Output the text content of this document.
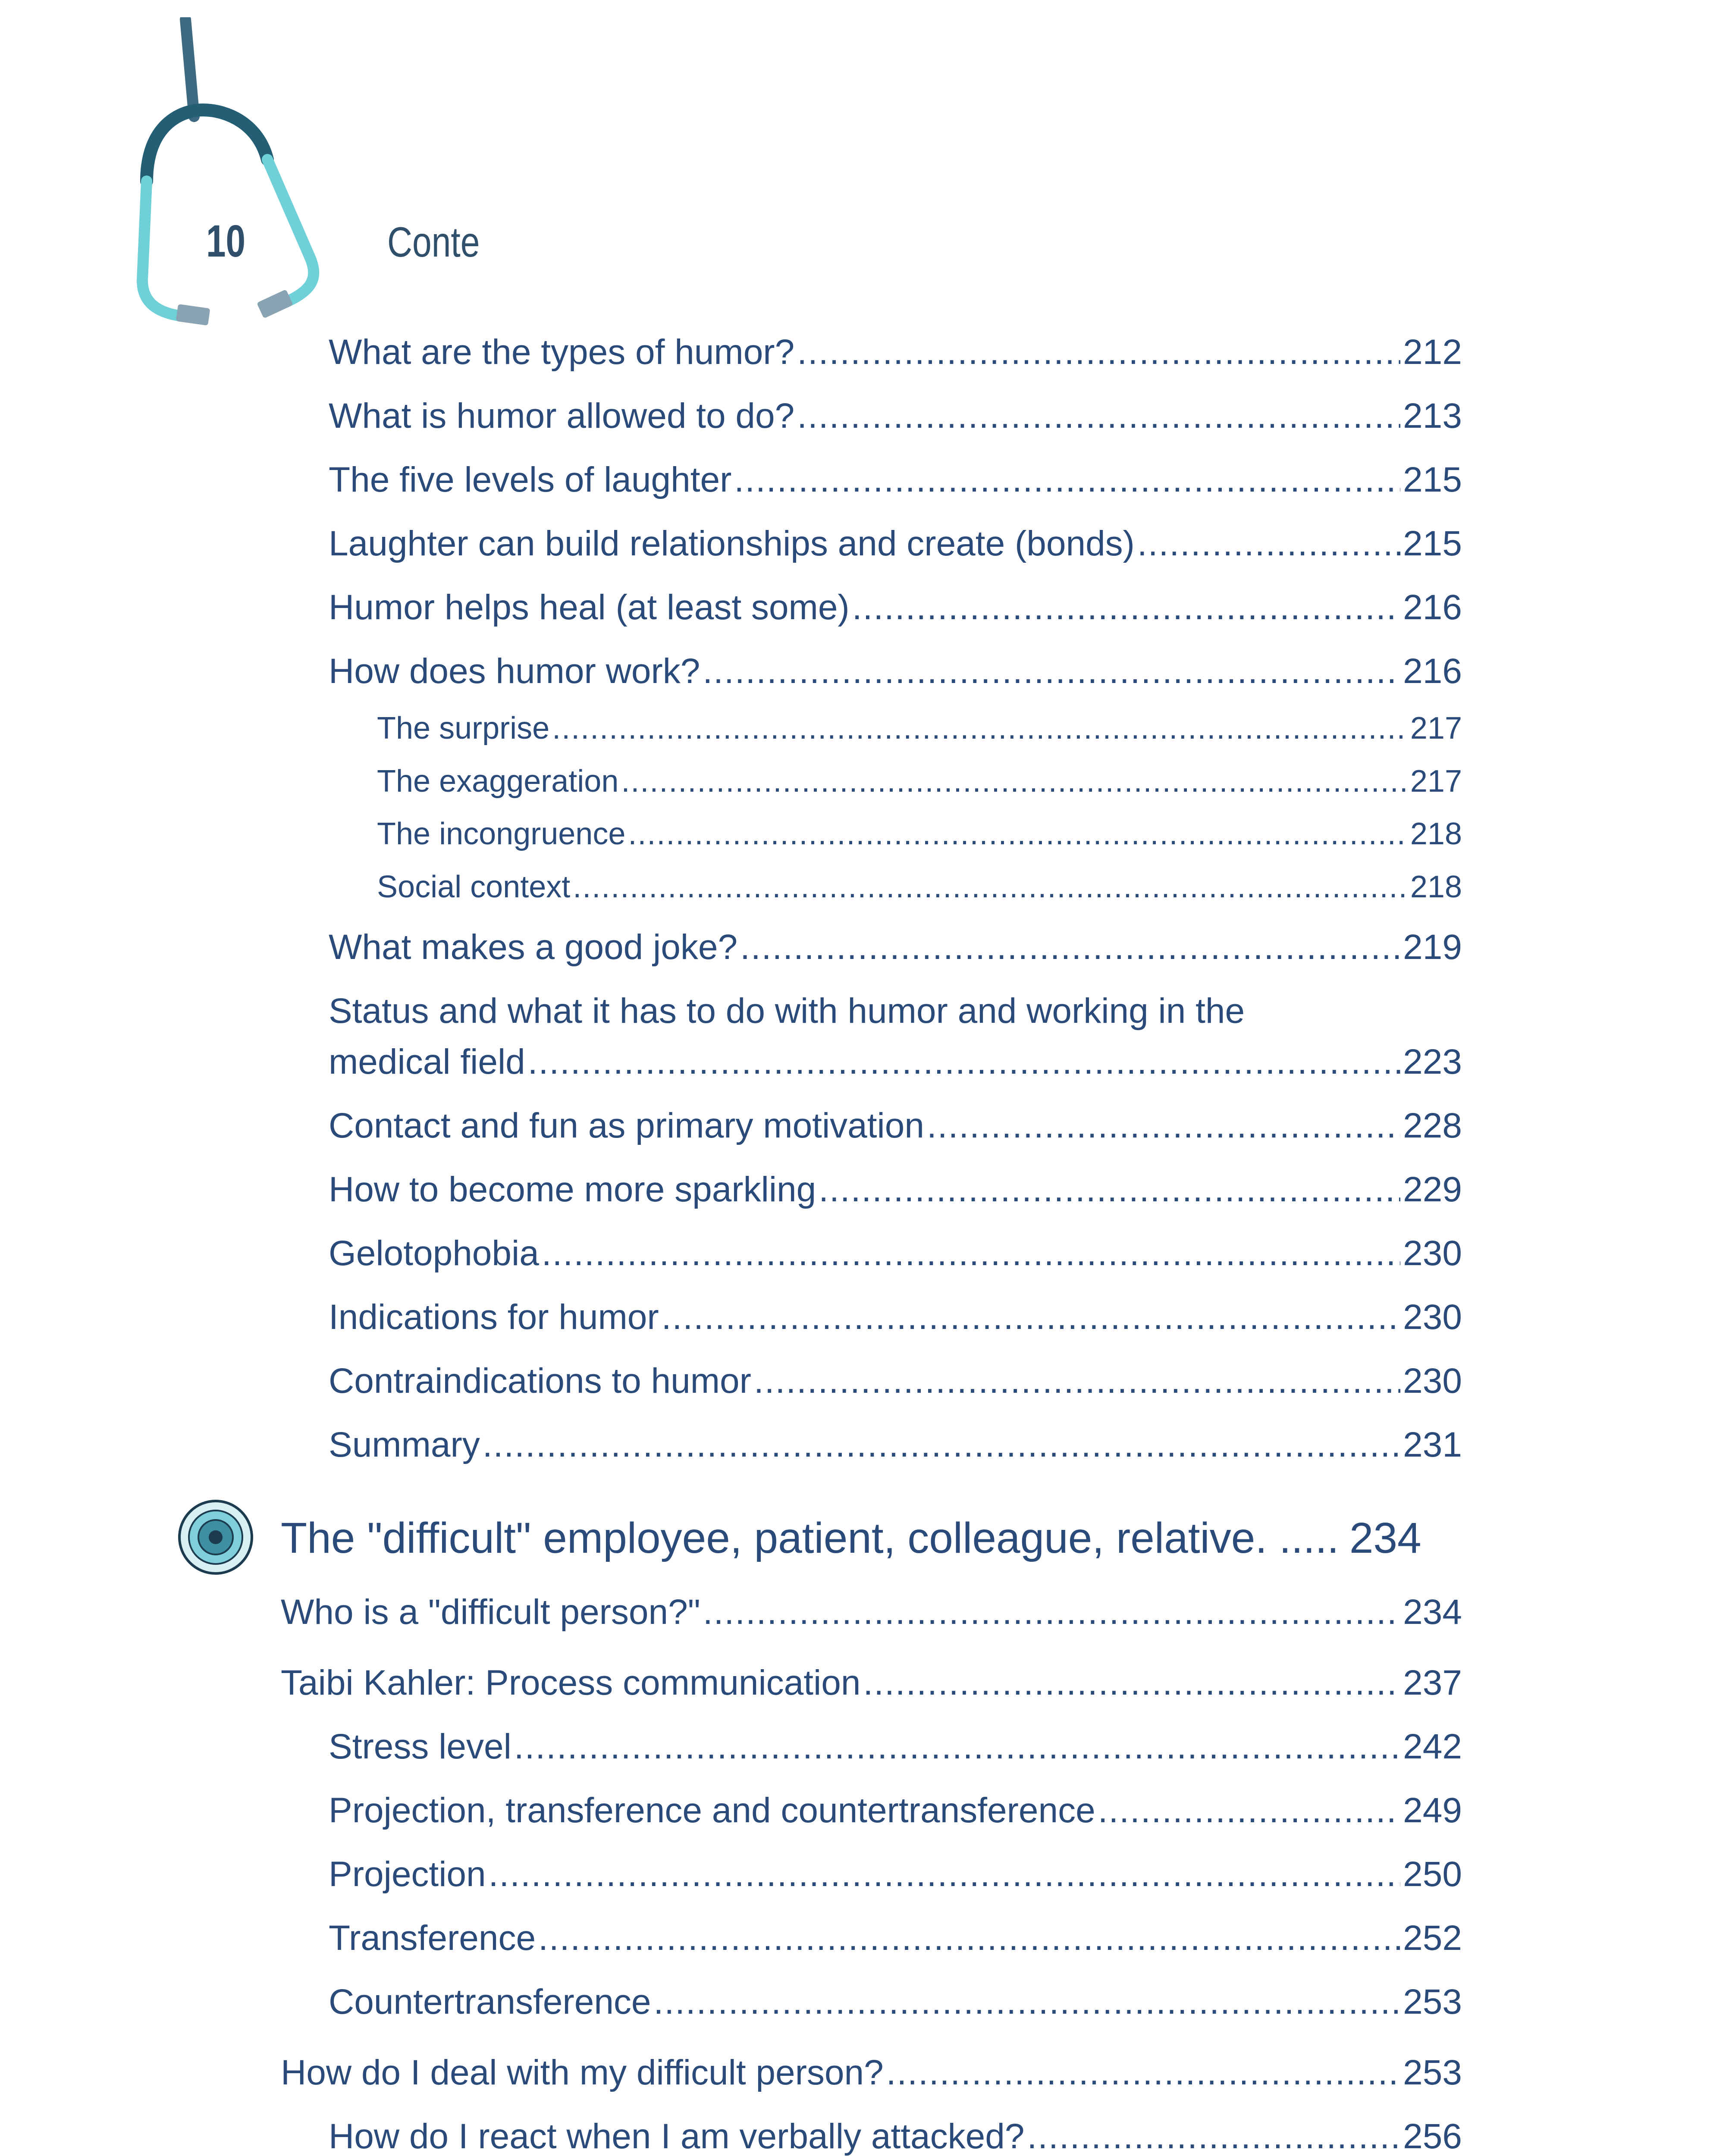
10	Conte
What are the types of humor? .....	212
What is humor allowed to do? .....	213
The five levels of laughter .....	215
Laughter can build relationships and create (bonds) .....	215
Humor helps heal (at least some) .....	216
How does humor work? .....	216
The surprise .....	217
The exaggeration .....	217
The incongruence .....	218
Social context .....	218
What makes a good joke? .....	219
Status and what it has to do with humor and working in the
medical field .....	223
Contact and fun as primary motivation .....	228
How to become more sparkling .....	229
Gelotophobia .....	230
Indications for humor .....	230
Contraindications to humor .....	230
Summary .....	231
The "difficult" employee, patient, colleague, relative. ..... 234
Who is a "difficult person?" .....	234
Taibi Kahler: Process communication .....	237
Stress level .....	242
Projection, transference and countertransference .....	249
Projection .....	250
Transference .....	252
Countertransference .....	253
How do I deal with my difficult person? .....	253
How do I react when I am verbally attacked? .....	256
